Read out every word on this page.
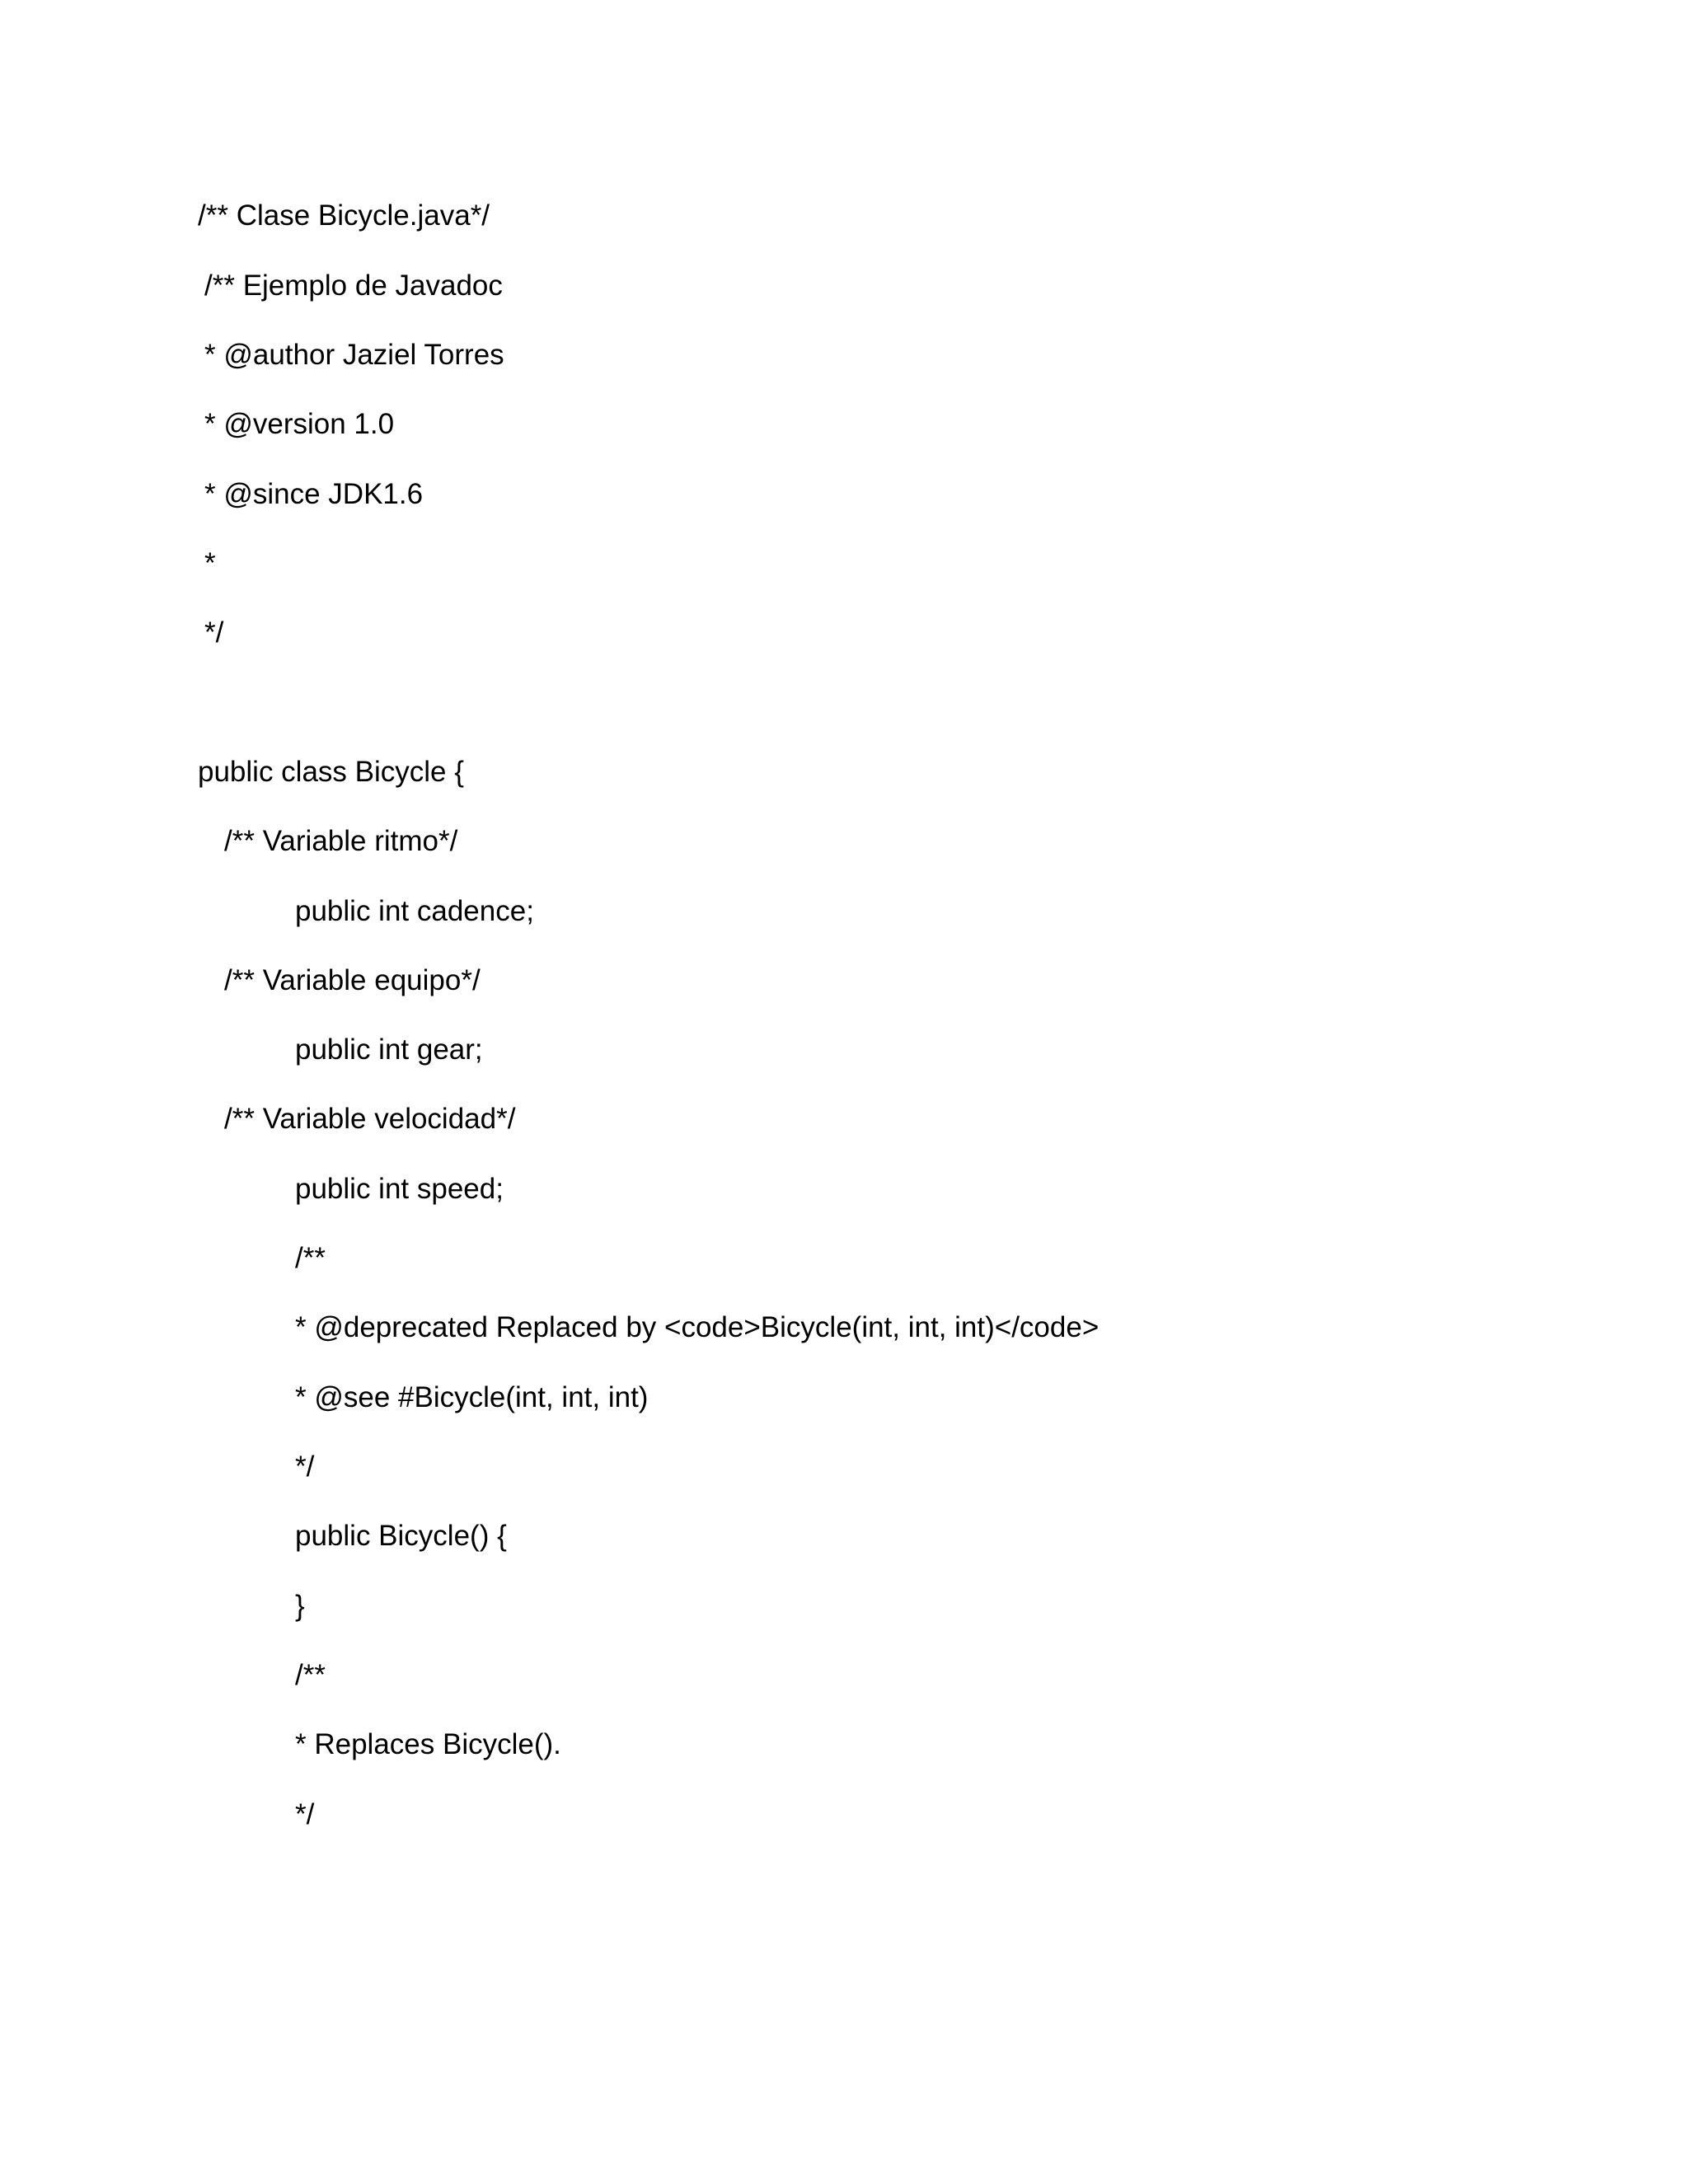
/** Clase Bicycle.java*/
/** Ejemplo de Javadoc
* @author Jaziel Torres
* @version 1.0
* @since JDK1.6
*
*/
public class Bicycle {
/** Variable ritmo*/
public int cadence;
/** Variable equipo*/
public int gear;
/** Variable velocidad*/
public int speed;
/**
* @deprecated Replaced by <code>Bicycle(int, int, int)</code>
* @see #Bicycle(int, int, int)
*/
public Bicycle() {
}
/**
* Replaces Bicycle().
*/
